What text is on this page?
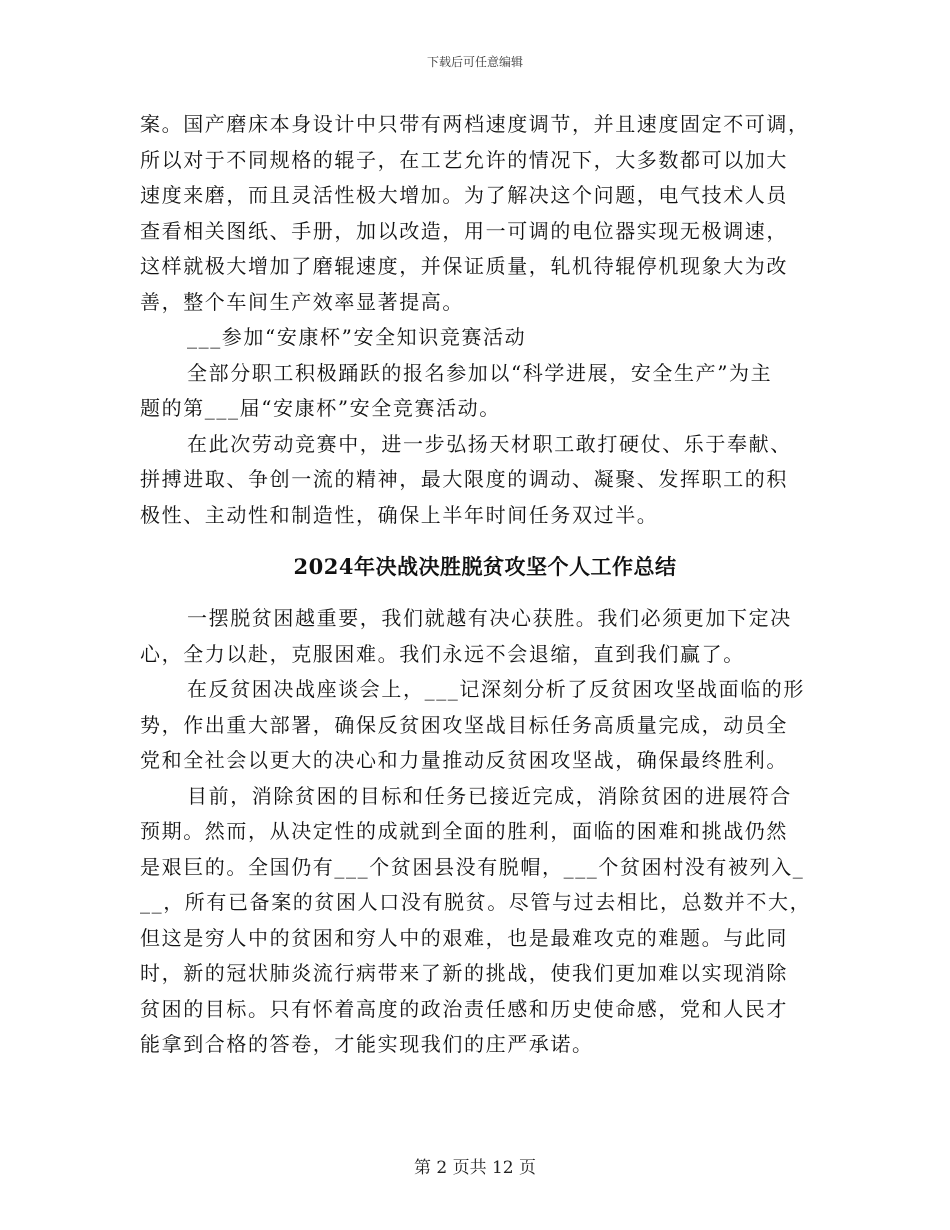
下载后可任意编辑
案。国产磨床本身设计中只带有两档速度调节，并且速度固定不可调，
所以对于不同规格的辊子，在工艺允许的情况下，大多数都可以加大
速度来磨，而且灵活性极大增加。为了解决这个问题，电气技术人员
查看相关图纸、手册，加以改造，用一可调的电位器实现无极调速，
这样就极大增加了磨辊速度，并保证质量，轧机待辊停机现象大为改
善，整个车间生产效率显著提高。
___参加“安康杯”安全知识竞赛活动
全部分职工积极踊跃的报名参加以“科学进展，安全生产”为主
题的第___届“安康杯”安全竞赛活动。
在此次劳动竞赛中，进一步弘扬天材职工敢打硬仗、乐于奉献、
拼搏进取、争创一流的精神，最大限度的调动、凝聚、发挥职工的积
极性、主动性和制造性，确保上半年时间任务双过半。
2024年决战决胜脱贫攻坚个人工作总结
一摆脱贫困越重要，我们就越有决心获胜。我们必须更加下定决
心，全力以赴，克服困难。我们永远不会退缩，直到我们赢了。
在反贫困决战座谈会上，___记深刻分析了反贫困攻坚战面临的形
势，作出重大部署，确保反贫困攻坚战目标任务高质量完成，动员全
党和全社会以更大的决心和力量推动反贫困攻坚战，确保最终胜利。
目前，消除贫困的目标和任务已接近完成，消除贫困的进展符合
预期。然而，从决定性的成就到全面的胜利，面临的困难和挑战仍然
是艰巨的。全国仍有___个贫困县没有脱帽，___个贫困村没有被列入_
__，所有已备案的贫困人口没有脱贫。尽管与过去相比，总数并不大，
但这是穷人中的贫困和穷人中的艰难，也是最难攻克的难题。与此同
时，新的冠状肺炎流行病带来了新的挑战，使我们更加难以实现消除
贫困的目标。只有怀着高度的政治责任感和历史使命感，党和人民才
能拿到合格的答卷，才能实现我们的庄严承诺。
第 2 页共 12 页
